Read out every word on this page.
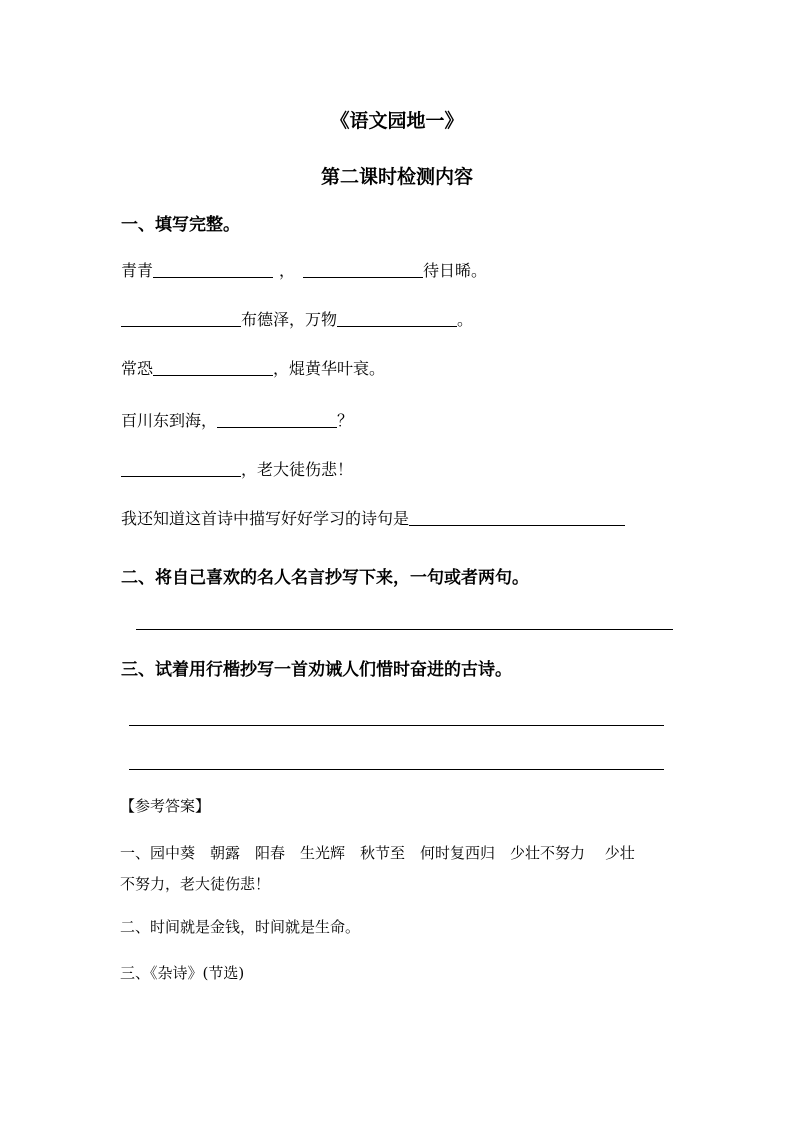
《语文园地一》
第二课时检测内容
一、填写完整。
青青	，	待日晞。
布德泽，万物	。
常恐	，焜黄华叶衰。
百川东到海，	？
，老大徒伤悲！
我还知道这首诗中描写好好学习的诗句是
二、将自己喜欢的名人名言抄写下来，一句或者两句。
三、试着用行楷抄写一首劝诫人们惜时奋进的古诗。
【参考答案】
一、园中葵　朝露　阳春　生光辉　秋节至　何时复西归　少壮不努力　 少壮
不努力，老大徒伤悲！
二、时间就是金钱，时间就是生命。
三、《杂诗》(节选)
